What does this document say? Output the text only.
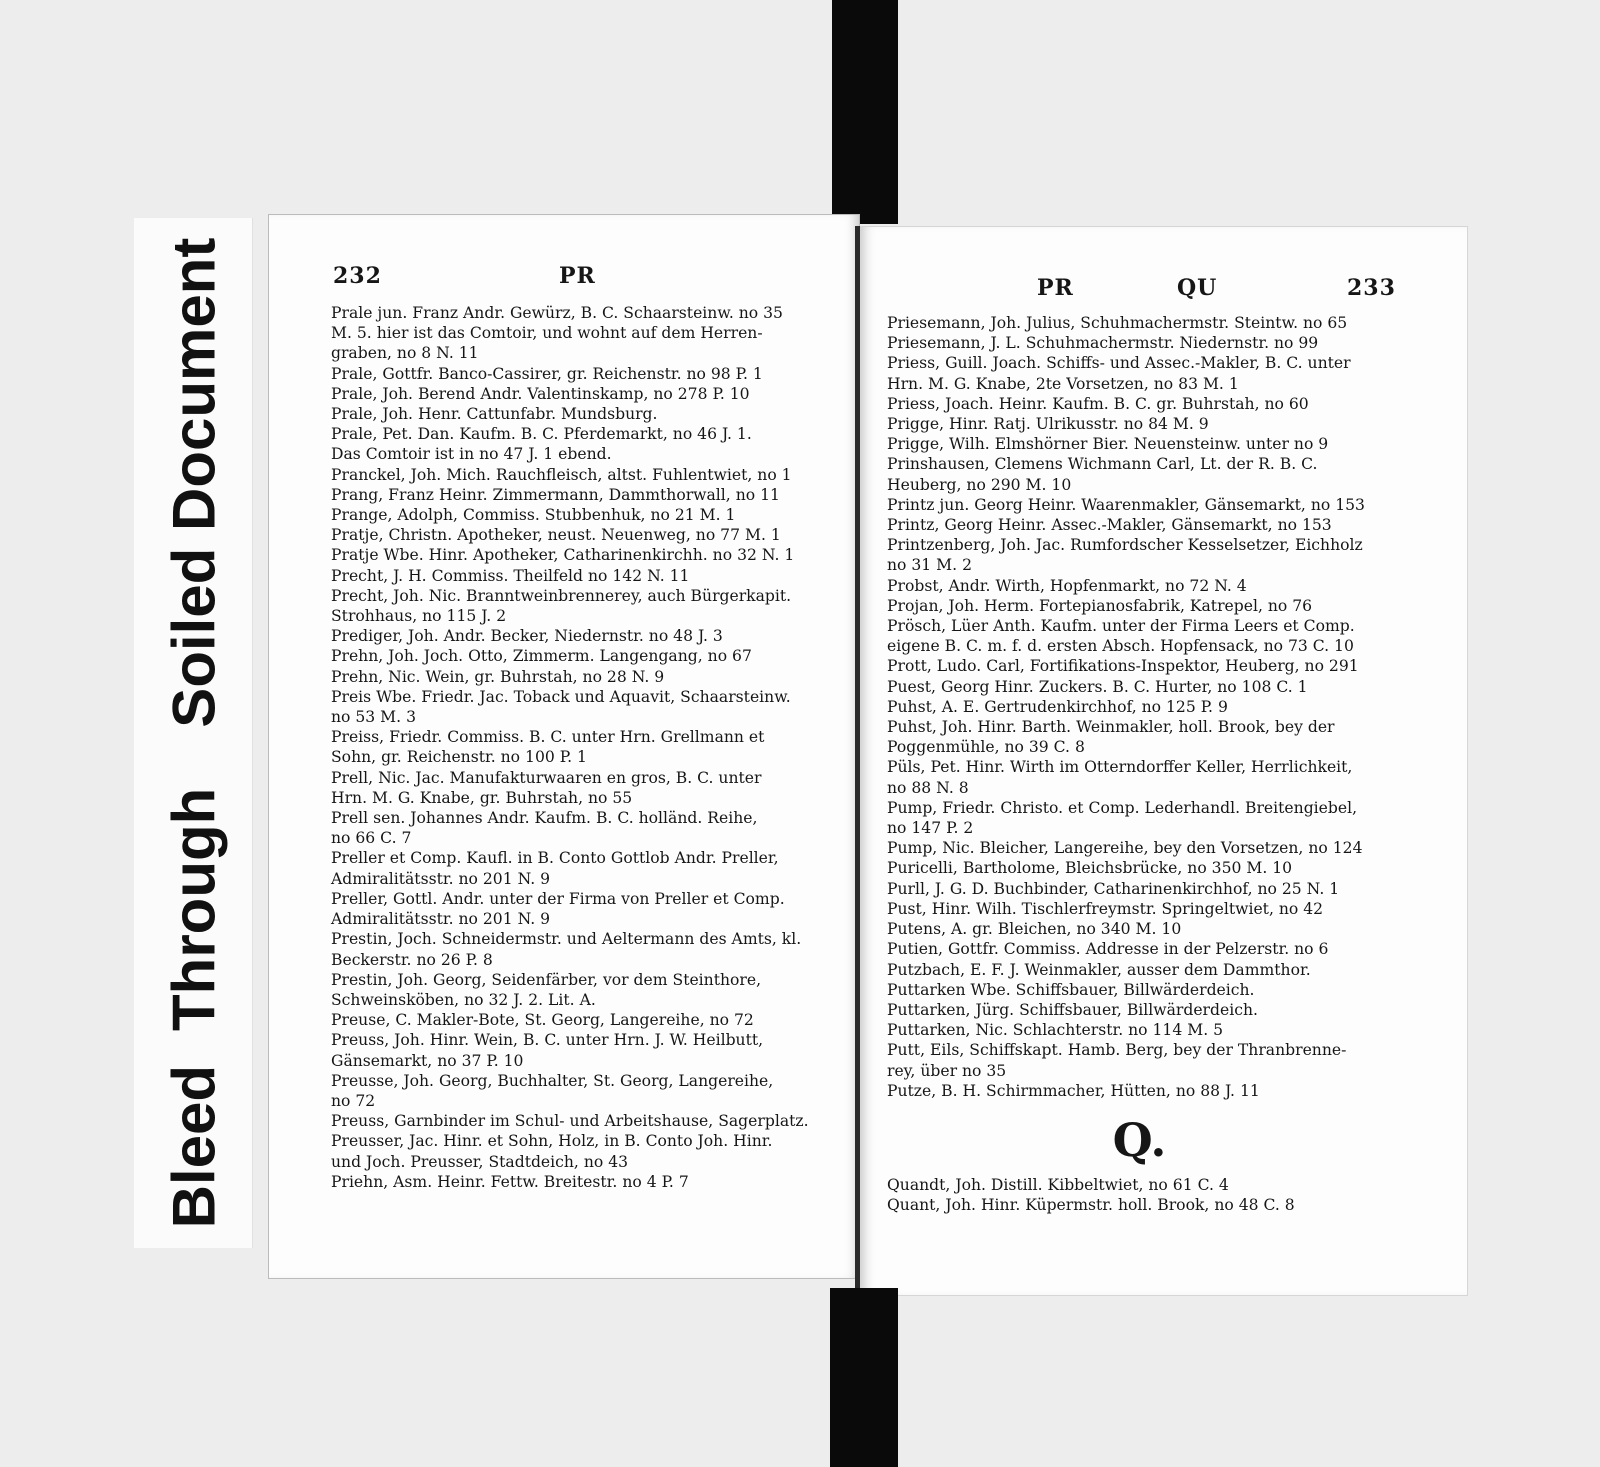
BleedThroughSoiled Document	232	PR
Prale jun. Franz Andr. Gewürz, B. C. Schaarsteinw. no 35
M. 5. hier ist das Comtoir, und wohnt auf dem Herren-
graben, no 8 N. 11
Prale, Gottfr. Banco-Cassirer, gr. Reichenstr. no 98 P. 1
Prale, Joh. Berend Andr. Valentinskamp, no 278 P. 10
Prale, Joh. Henr. Cattunfabr. Mundsburg.
Prale, Pet. Dan. Kaufm. B. C. Pferdemarkt, no 46 J. 1.
Das Comtoir ist in no 47 J. 1 ebend.
Pranckel, Joh. Mich. Rauchfleisch, altst. Fuhlentwiet, no 1
Prang, Franz Heinr. Zimmermann, Dammthorwall, no 11
Prange, Adolph, Commiss. Stubbenhuk, no 21 M. 1
Pratje, Christn. Apotheker, neust. Neuenweg, no 77 M. 1
Pratje Wbe. Hinr. Apotheker, Catharinenkirchh. no 32 N. 1
Precht, J. H. Commiss. Theilfeld no 142 N. 11
Precht, Joh. Nic. Branntweinbrennerey, auch Bürgerkapit.
Strohhaus, no 115 J. 2
Prediger, Joh. Andr. Becker, Niedernstr. no 48 J. 3
Prehn, Joh. Joch. Otto, Zimmerm. Langengang, no 67
Prehn, Nic. Wein, gr. Buhrstah, no 28 N. 9
Preis Wbe. Friedr. Jac. Toback und Aquavit, Schaarsteinw.
no 53 M. 3
Preiss, Friedr. Commiss. B. C. unter Hrn. Grellmann et
Sohn, gr. Reichenstr. no 100 P. 1
Prell, Nic. Jac. Manufakturwaaren en gros, B. C. unter
Hrn. M. G. Knabe, gr. Buhrstah, no 55
Prell sen. Johannes Andr. Kaufm. B. C. holländ. Reihe,
no 66 C. 7
Preller et Comp. Kaufl. in B. Conto Gottlob Andr. Preller,
Admiralitätsstr. no 201 N. 9
Preller, Gottl. Andr. unter der Firma von Preller et Comp.
Admiralitätsstr. no 201 N. 9
Prestin, Joch. Schneidermstr. und Aeltermann des Amts, kl.
Beckerstr. no 26 P. 8
Prestin, Joh. Georg, Seidenfärber, vor dem Steinthore,
Schweinsköben, no 32 J. 2. Lit. A.
Preuse, C. Makler-Bote, St. Georg, Langereihe, no 72
Preuss, Joh. Hinr. Wein, B. C. unter Hrn. J. W. Heilbutt,
Gänsemarkt, no 37 P. 10
Preusse, Joh. Georg, Buchhalter, St. Georg, Langereihe,
no 72
Preuss, Garnbinder im Schul- und Arbeitshause, Sagerplatz.
Preusser, Jac. Hinr. et Sohn, Holz, in B. Conto Joh. Hinr.
und Joch. Preusser, Stadtdeich, no 43
Priehn, Asm. Heinr. Fettw. Breitestr. no 4 P. 7
PR	QU	233
Priesemann, Joh. Julius, Schuhmachermstr. Steintw. no 65
Priesemann, J. L. Schuhmachermstr. Niedernstr. no 99
Priess, Guill. Joach. Schiffs- und Assec.-Makler, B. C. unter
Hrn. M. G. Knabe, 2te Vorsetzen, no 83 M. 1
Priess, Joach. Heinr. Kaufm. B. C. gr. Buhrstah, no 60
Prigge, Hinr. Ratj. Ulrikusstr. no 84 M. 9
Prigge, Wilh. Elmshörner Bier. Neuensteinw. unter no 9
Prinshausen, Clemens Wichmann Carl, Lt. der R. B. C.
Heuberg, no 290 M. 10
Printz jun. Georg Heinr. Waarenmakler, Gänsemarkt, no 153
Printz, Georg Heinr. Assec.-Makler, Gänsemarkt, no 153
Printzenberg, Joh. Jac. Rumfordscher Kesselsetzer, Eichholz
no 31 M. 2
Probst, Andr. Wirth, Hopfenmarkt, no 72 N. 4
Projan, Joh. Herm. Fortepianosfabrik, Katrepel, no 76
Prösch, Lüer Anth. Kaufm. unter der Firma Leers et Comp.
eigene B. C. m. f. d. ersten Absch. Hopfensack, no 73 C. 10
Prott, Ludo. Carl, Fortifikations-Inspektor, Heuberg, no 291
Puest, Georg Hinr. Zuckers. B. C. Hurter, no 108 C. 1
Puhst, A. E. Gertrudenkirchhof, no 125 P. 9
Puhst, Joh. Hinr. Barth. Weinmakler, holl. Brook, bey der
Poggenmühle, no 39 C. 8
Püls, Pet. Hinr. Wirth im Otterndorffer Keller, Herrlichkeit,
no 88 N. 8
Pump, Friedr. Christo. et Comp. Lederhandl. Breitengiebel,
no 147 P. 2
Pump, Nic. Bleicher, Langereihe, bey den Vorsetzen, no 124
Puricelli, Bartholome, Bleichsbrücke, no 350 M. 10
Purll, J. G. D. Buchbinder, Catharinenkirchhof, no 25 N. 1
Pust, Hinr. Wilh. Tischlerfreymstr. Springeltwiet, no 42
Putens, A. gr. Bleichen, no 340 M. 10
Putien, Gottfr. Commiss. Addresse in der Pelzerstr. no 6
Putzbach, E. F. J. Weinmakler, ausser dem Dammthor.
Puttarken Wbe. Schiffsbauer, Billwärderdeich.
Puttarken, Jürg. Schiffsbauer, Billwärderdeich.
Puttarken, Nic. Schlachterstr. no 114 M. 5
Putt, Eils, Schiffskapt. Hamb. Berg, bey der Thranbrenne-
rey, über no 35
Putze, B. H. Schirmmacher, Hütten, no 88 J. 11
Q.
Quandt, Joh. Distill. Kibbeltwiet, no 61 C. 4
Quant, Joh. Hinr. Küpermstr. holl. Brook, no 48 C. 8
